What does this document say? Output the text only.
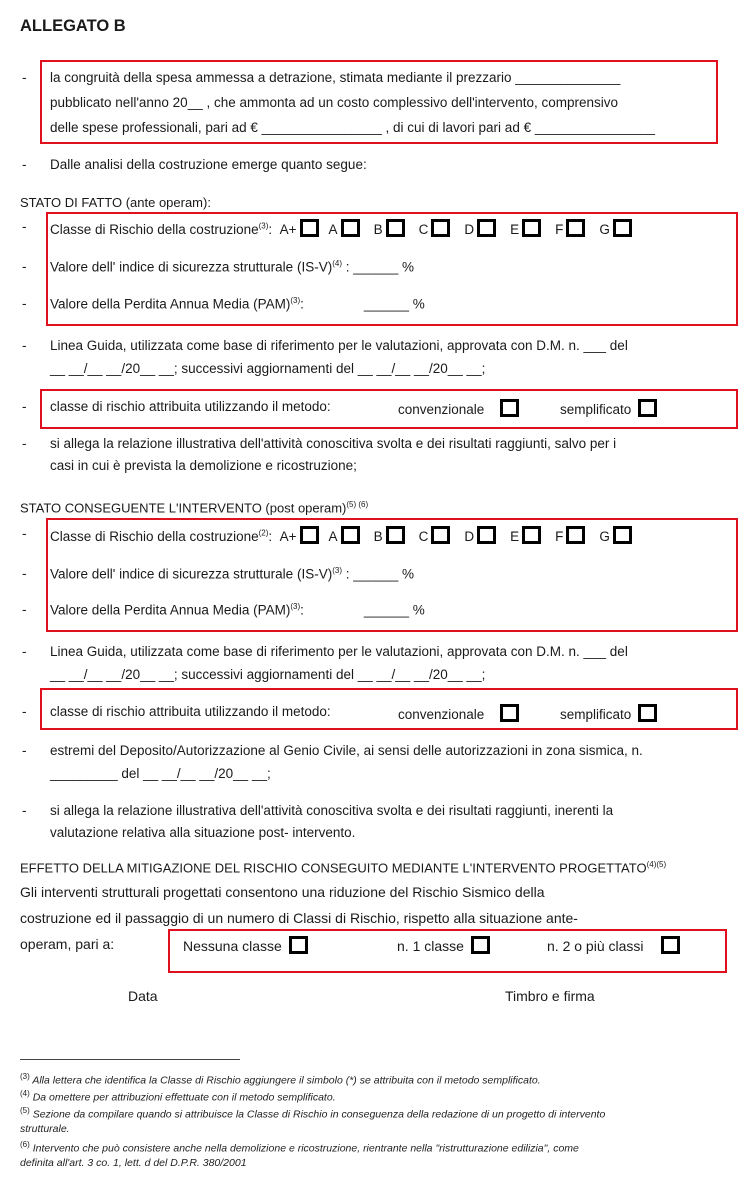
ALLEGATO B
- la congruità della spesa ammessa a detrazione, stimata mediante il prezzario ______________
pubblicato nell'anno 20__ , che ammonta ad un costo complessivo dell'intervento, comprensivo
delle spese professionali, pari ad € ________________ , di cui di lavori pari ad € ________________
- Dalle analisi della costruzione emerge quanto segue:
STATO DI FATTO (ante operam):
- Classe di Rischio della costruzione$^{(3)}$:  A+ A	B	C	D	E	F	G
- Valore dell' indice di sicurezza strutturale $(IS-V)^{(4)}$ : ______ %
- Valore della Perdita Annua Media (PAM)$^{(3)}$:                ______ %
- Linea Guida, utilizzata come base di riferimento per le valutazioni, approvata con D.M. n. ___ del
__ __/__ __/20__ __; successivi aggiornamenti del __ __/__ __/20__ __;
- classe di rischio attribuita utilizzando il metodo:	convenzionale	semplificato
- si allega la relazione illustrativa dell'attività conoscitiva svolta e dei risultati raggiunti, salvo per i
casi in cui è prevista la demolizione e ricostruzione;
STATO CONSEGUENTE L'INTERVENTO (post operam)$^{(5) (6)}$
- Classe di Rischio della costruzione$^{(2)}$:  A+ A	B	C	D	E	F	G
- Valore dell' indice di sicurezza strutturale $(IS-V)^{(3)}$ : ______ %
- Valore della Perdita Annua Media (PAM)$^{(3)}$:                ______ %
- Linea Guida, utilizzata come base di riferimento per le valutazioni, approvata con D.M. n. ___ del
__ __/__ __/20__ __; successivi aggiornamenti del __ __/__ __/20__ __;
- classe di rischio attribuita utilizzando il metodo:	convenzionale	semplificato
- estremi del Deposito/Autorizzazione al Genio Civile, ai sensi delle autorizzazioni in zona sismica, n.
_________ del __ __/__ __/20__ __;
- si allega la relazione illustrativa dell'attività conoscitiva svolta e dei risultati raggiunti, inerenti la
valutazione relativa alla situazione post- intervento.
EFFETTO DELLA MITIGAZIONE DEL RISCHIO CONSEGUITO MEDIANTE L'INTERVENTO $PROGETTATO^{(4)(5)}$
Gli interventi strutturali progettati consentono una riduzione del Rischio Sismico della
costruzione ed il passaggio di un numero di Classi di Rischio, rispetto alla situazione ante-
operam, pari a:	Nessuna classe	n. 1 classe	n. 2 o più classi
Data	Timbro e firma
$^{(3)}$ Alla lettera che identifica la Classe di Rischio aggiungere il simbolo (*) se attribuita con il metodo semplificato.
$^{(4)}$ Da omettere per attribuzioni effettuate con il metodo semplificato.
$^{(5)}$ Sezione da compilare quando si attribuisce la Classe di Rischio in conseguenza della redazione di un progetto di intervento
strutturale.
$^{(6)}$ Intervento che può consistere anche nella demolizione e ricostruzione, rientrante nella "ristrutturazione edilizia", come
definita all'art. 3 co. 1, lett. d del D.P.R. 380/2001
